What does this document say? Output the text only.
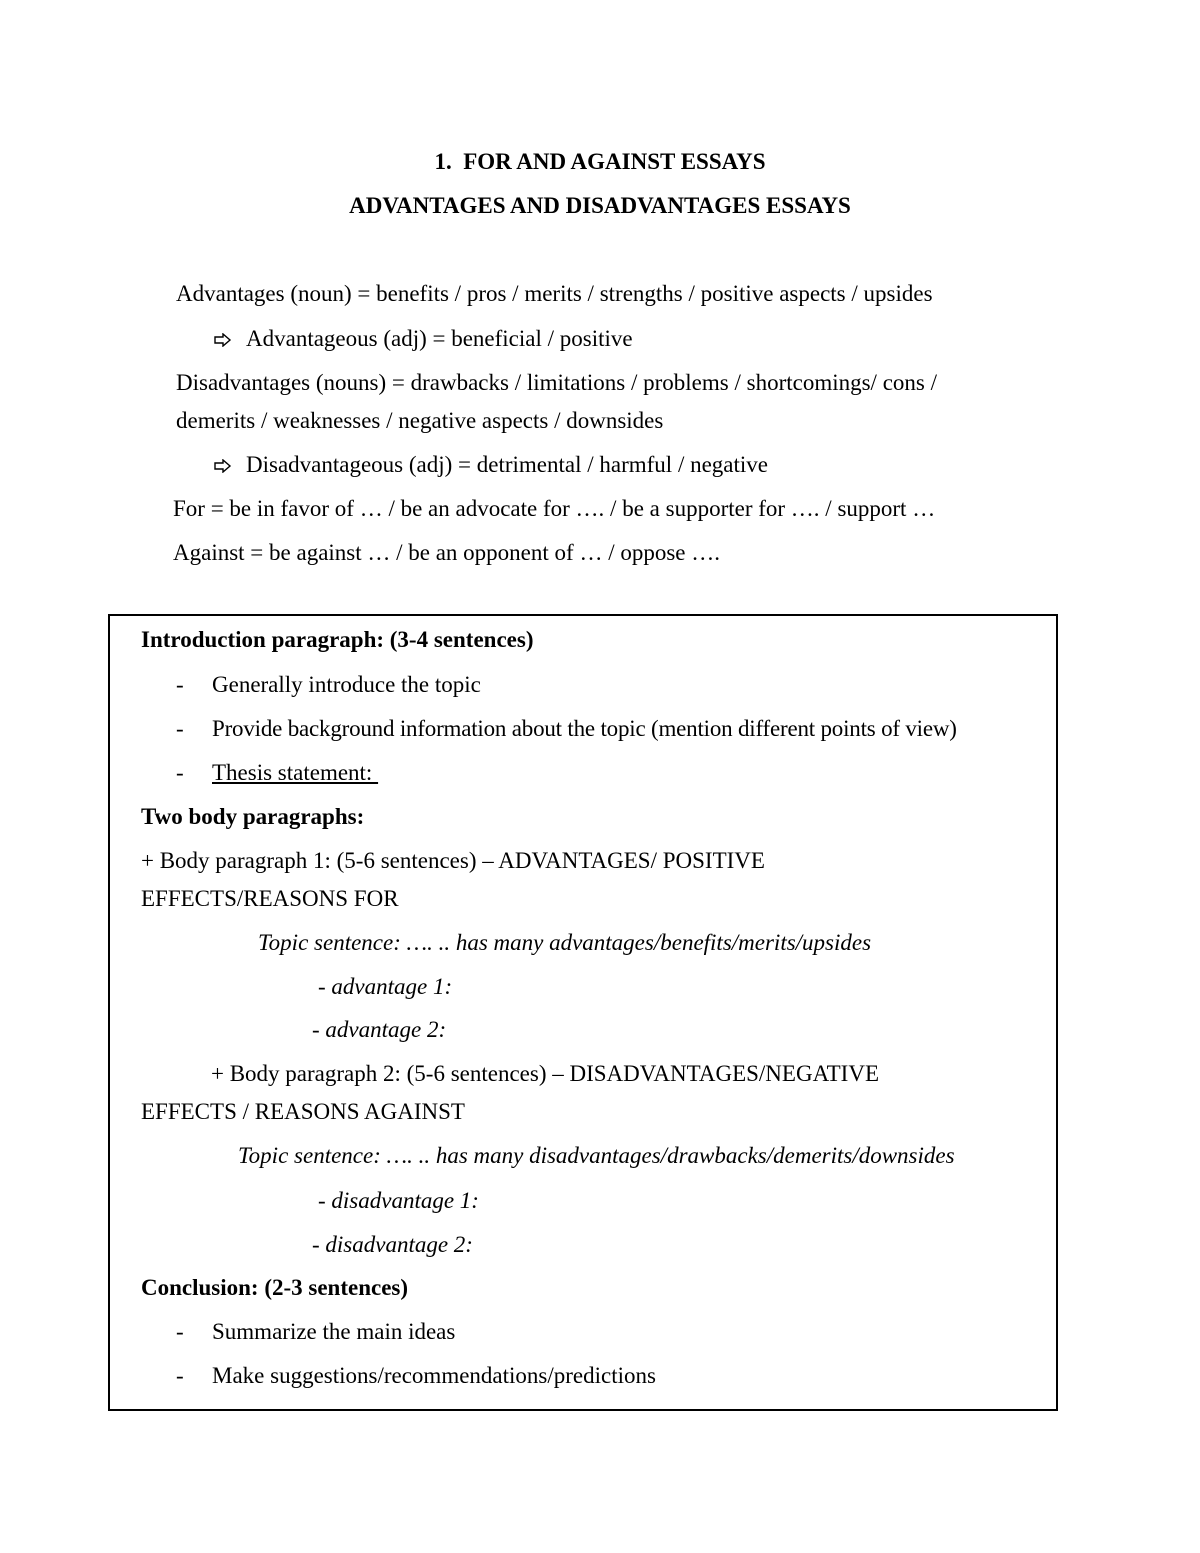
1. FOR AND AGAINST ESSAYS
ADVANTAGES AND DISADVANTAGES ESSAYS
Advantages (noun) = benefits / pros / merits / strengths / positive aspects / upsides
Advantageous (adj) = beneficial / positive
Disadvantages (nouns) = drawbacks / limitations / problems / shortcomings/ cons /
demerits / weaknesses / negative aspects / downsides
Disadvantageous (adj) = detrimental / harmful / negative
For = be in favor of … / be an advocate for …. / be a supporter for …. / support …
Against = be against … / be an opponent of … / oppose ….
Introduction paragraph: (3-4 sentences)
- Generally introduce the topic
- Provide background information about the topic (mention different points of view)
- Thesis statement:
Two body paragraphs:
+ Body paragraph 1: (5-6 sentences) – ADVANTAGES/ POSITIVE
EFFECTS/REASONS FOR
Topic sentence: …. .. has many advantages/benefits/merits/upsides
- advantage 1:
- advantage 2:
+ Body paragraph 2: (5-6 sentences) – DISADVANTAGES/NEGATIVE
EFFECTS / REASONS AGAINST
Topic sentence: …. .. has many disadvantages/drawbacks/demerits/downsides
- disadvantage 1:
- disadvantage 2:
Conclusion: (2-3 sentences)
- Summarize the main ideas
- Make suggestions/recommendations/predictions
